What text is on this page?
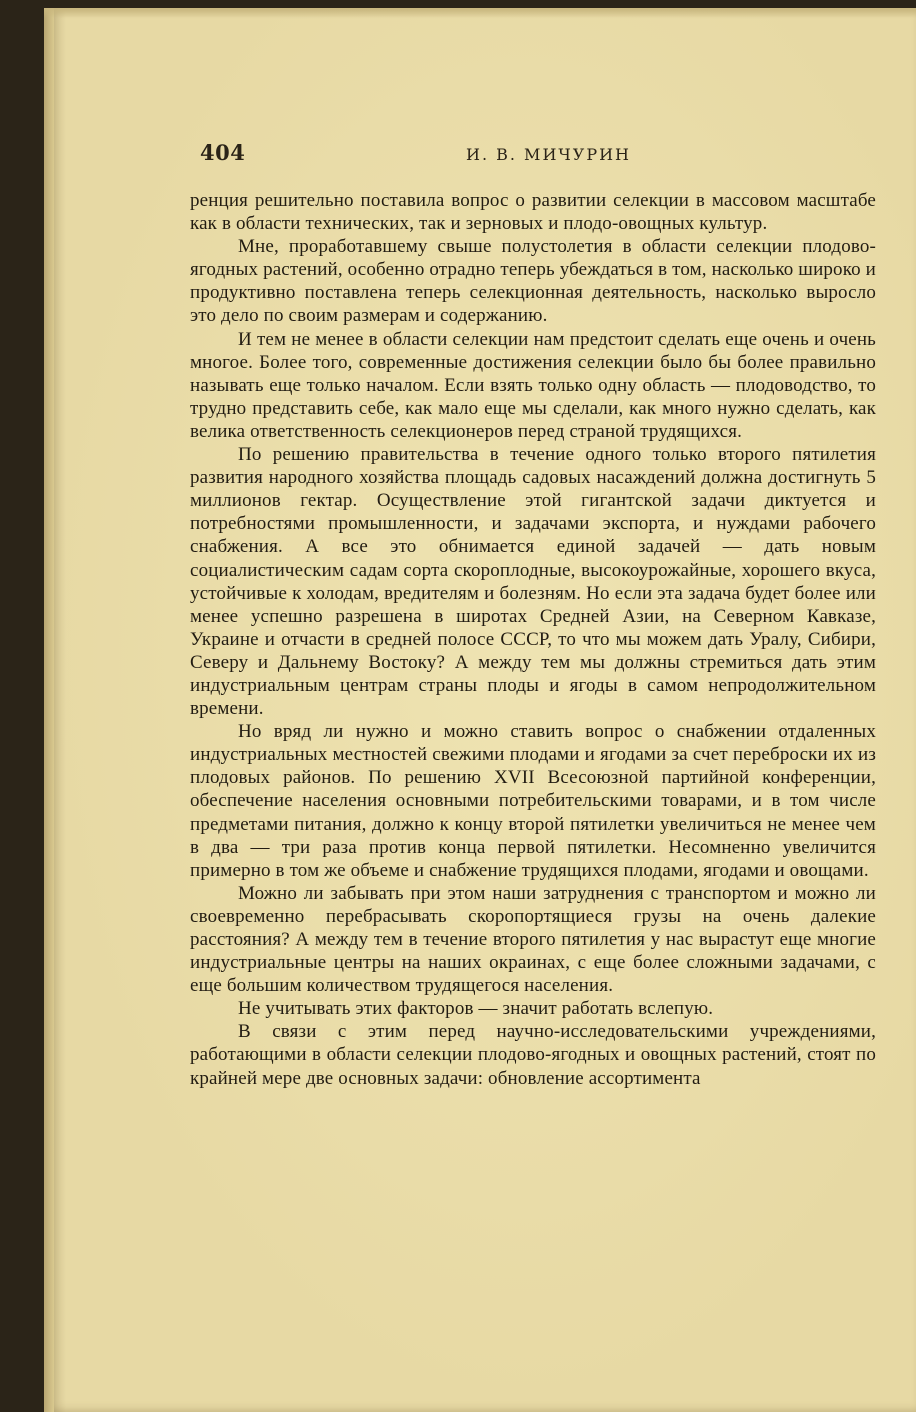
404	И. В. МИЧУРИН

ренция решительно поставила вопрос о развитии селекции в массовом масштабе как в области технических, так и зерновых и плодо-овощных культур.

Мне, проработавшему свыше полустолетия в области селекции плодово-ягодных растений, особенно отрадно теперь убеждаться в том, насколько широко и продуктивно поставлена теперь селекционная деятельность, насколько выросло это дело по своим размерам и содержанию.

И тем не менее в области селекции нам предстоит сделать еще очень и очень многое. Более того, современные достижения селекции было бы более правильно называть еще только началом. Если взять только одну область — плодоводство, то трудно представить себе, как мало еще мы сделали, как много нужно сделать, как велика ответственность селекционеров перед страной трудящихся.

По решению правительства в течение одного только второго пятилетия развития народного хозяйства площадь садовых насаждений должна достигнуть 5 миллионов гектар. Осуществление этой гигантской задачи диктуется и потребностями промышленности, и задачами экспорта, и нуждами рабочего снабжения. А все это обнимается единой задачей — дать новым социалистическим садам сорта скороплодные, высокоурожайные, хорошего вкуса, устойчивые к холодам, вредителям и болезням. Но если эта задача будет более или менее успешно разрешена в широтах Средней Азии, на Северном Кавказе, Украине и отчасти в средней полосе СССР, то что мы можем дать Уралу, Сибири, Северу и Дальнему Востоку? А между тем мы должны стремиться дать этим индустриальным центрам страны плоды и ягоды в самом непродолжительном времени.

Но вряд ли нужно и можно ставить вопрос о снабжении отдаленных индустриальных местностей свежими плодами и ягодами за счет переброски их из плодовых районов. По решению XVII Всесоюзной партийной конференции, обеспечение населения основными потребительскими товарами, и в том числе предметами питания, должно к концу второй пятилетки увеличиться не менее чем в два — три раза против конца первой пятилетки. Несомненно увеличится примерно в том же объеме и снабжение трудящихся плодами, ягодами и овощами.

Можно ли забывать при этом наши затруднения с транспортом и можно ли своевременно перебрасывать скоропортящиеся грузы на очень далекие расстояния? А между тем в течение второго пятилетия у нас вырастут еще многие индустриальные центры на наших окраинах, с еще более сложными задачами, с еще большим количеством трудящегося населения.

Не учитывать этих факторов — значит работать вслепую.

В связи с этим перед научно-исследовательскими учреждениями, работающими в области селекции плодово-ягодных и овощных растений, стоят по крайней мере две основных задачи: обновление ассортимента
